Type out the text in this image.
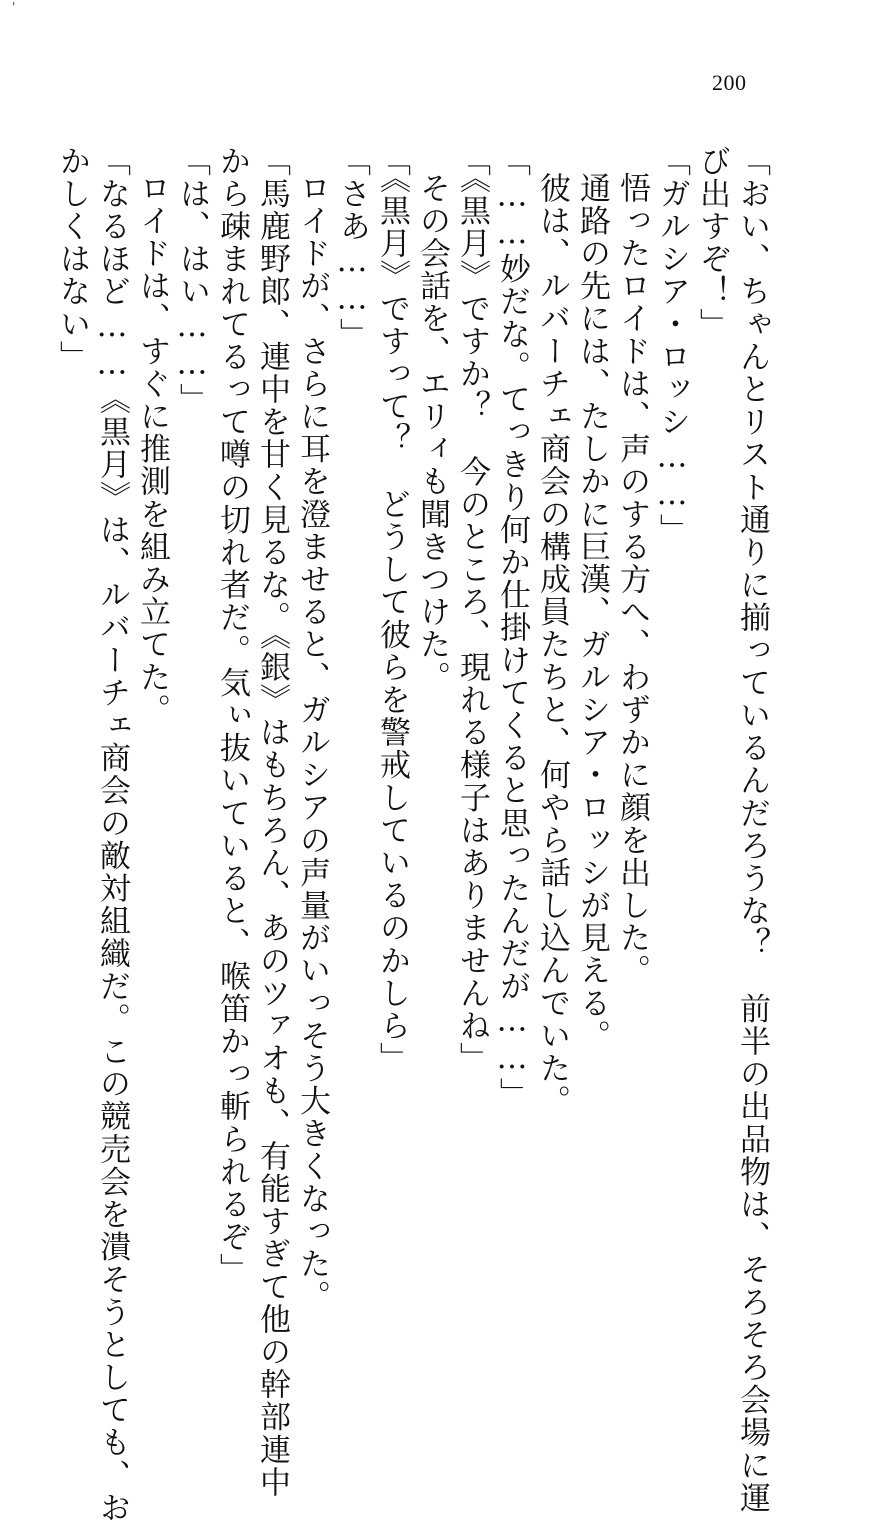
'
200
「おい、ちゃんとリスト通りに揃っているんだろうな？　前半の出品物は、そろそろ会場に運
び出すぞ！」
「ガルシア・ロッシ……」
悟ったロイドは、声のする方へ、わずかに顔を出した。
通路の先には、たしかに巨漢、ガルシア・ロッシが見える。
彼は、ルバーチェ商会の構成員たちと、何やら話し込んでいた。
「……妙だな。てっきり何か仕掛けてくると思ったんだが……」
「《黒月》ですか？　今のところ、現れる様子はありませんね」
その会話を、エリィも聞きつけた。
「《黒月》ですって？　どうして彼らを警戒しているのかしら」
「さあ……」
ロイドが、さらに耳を澄ませると、ガルシアの声量がいっそう大きくなった。
「馬鹿野郎、連中を甘く見るな。《銀》はもちろん、あのツァオも、有能すぎて他の幹部連中
から疎まれてるって噂の切れ者だ。気ぃ抜いていると、喉笛かっ斬られるぞ」
「は、はい……」
ロイドは、すぐに推測を組み立てた。
「なるほど……《黒月》は、ルバーチェ商会の敵対組織だ。この競売会を潰そうとしても、お
かしくはない」
